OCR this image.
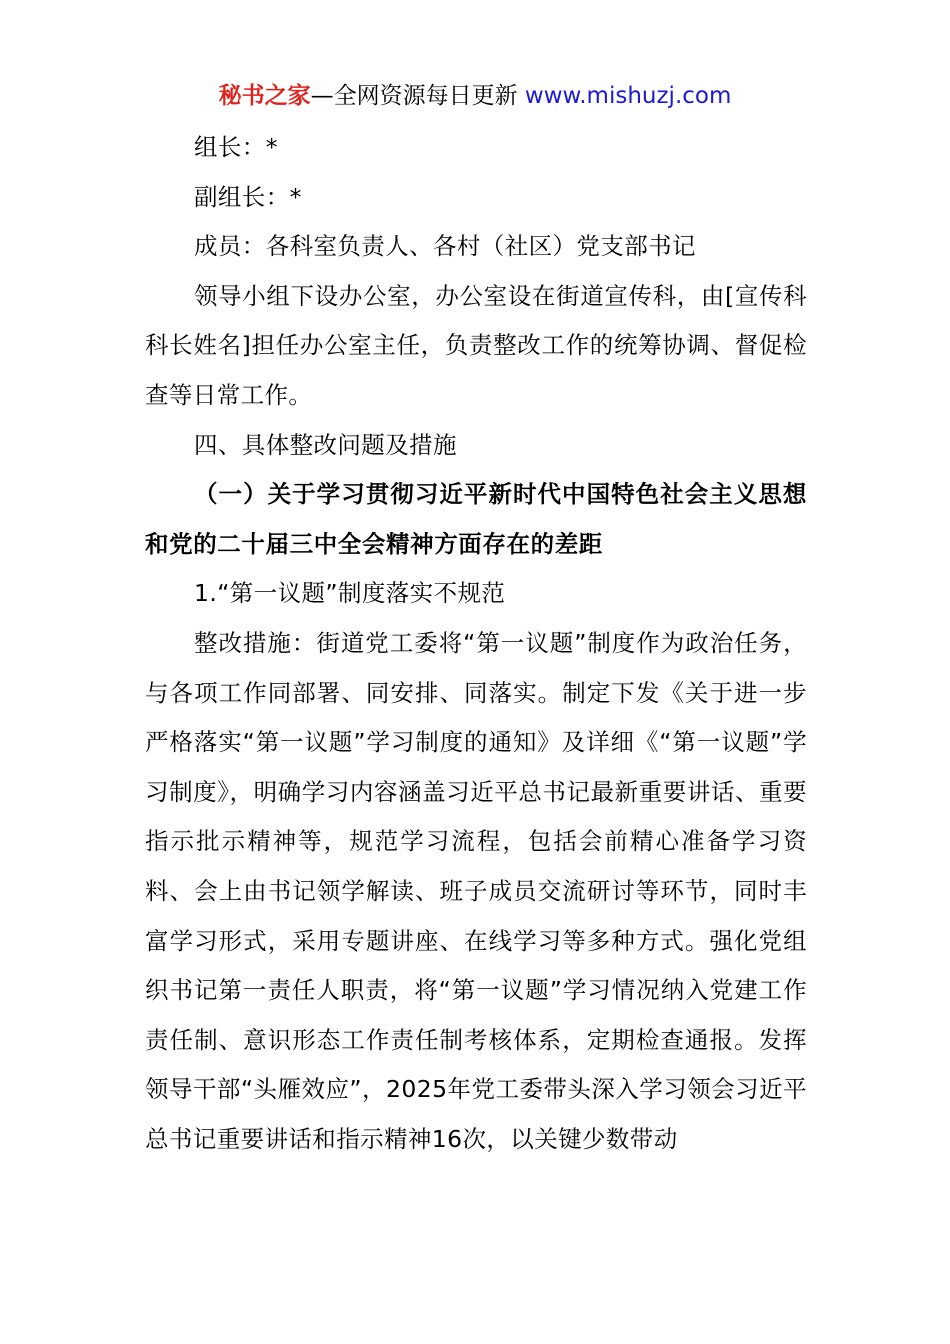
秘书之家—全网资源每日更新 www.mishuzj.com

组长：*

副组长：*

成员：各科室负责人、各村（社区）党支部书记

领导小组下设办公室，办公室设在街道宣传科，由[宣传科科长姓名]担任办公室主任，负责整改工作的统筹协调、督促检查等日常工作。

四、具体整改问题及措施

（一）关于学习贯彻习近平新时代中国特色社会主义思想和党的二十届三中全会精神方面存在的差距

1.“第一议题”制度落实不规范

整改措施：街道党工委将“第一议题”制度作为政治任务，与各项工作同部署、同安排、同落实。制定下发《关于进一步严格落实“第一议题”学习制度的通知》及详细《“第一议题”学习制度》，明确学习内容涵盖习近平总书记最新重要讲话、重要指示批示精神等，规范学习流程，包括会前精心准备学习资料、会上由书记领学解读、班子成员交流研讨等环节，同时丰富学习形式，采用专题讲座、在线学习等多种方式。强化党组织书记第一责任人职责，将“第一议题”学习情况纳入党建工作责任制、意识形态工作责任制考核体系，定期检查通报。发挥领导干部“头雁效应”，2025年党工委带头深入学习领会习近平总书记重要讲话和指示精神16次，以关键少数带动
